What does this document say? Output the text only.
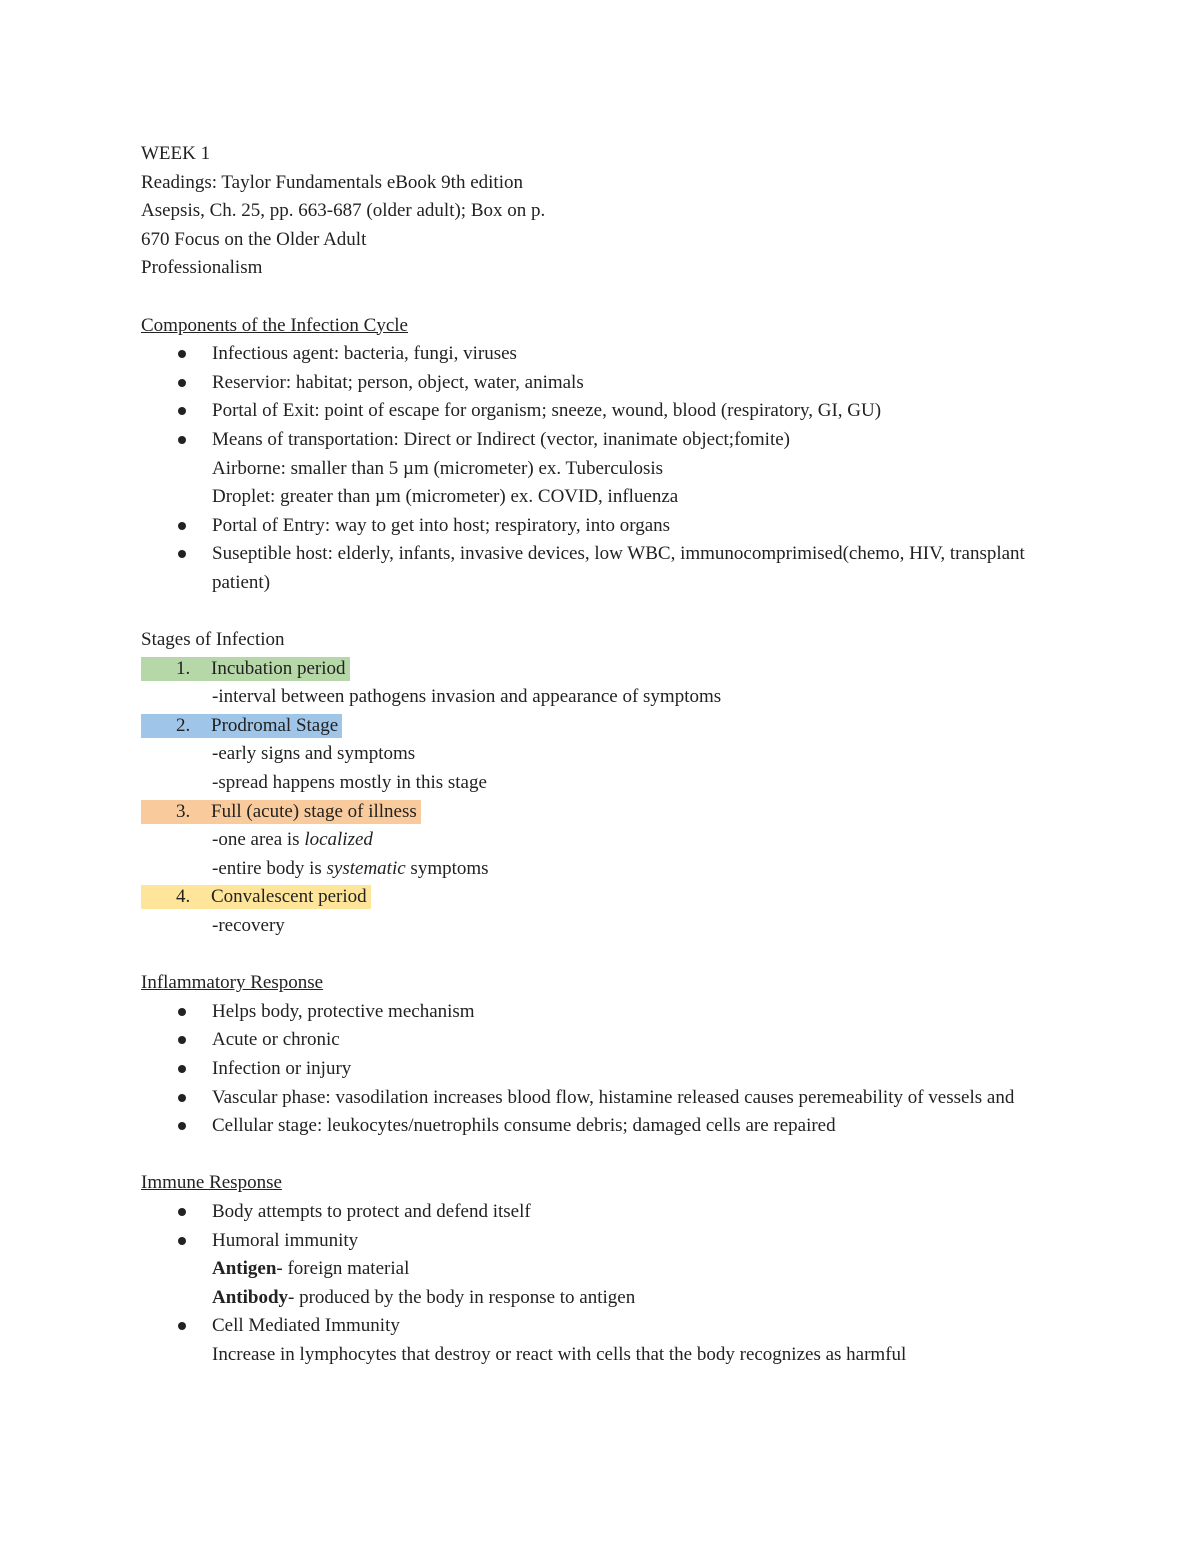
WEEK 1
Readings: Taylor Fundamentals eBook 9th edition
Asepsis, Ch. 25, pp. 663-687 (older adult); Box on p.
670 Focus on the Older Adult
Professionalism
Components of the Infection Cycle
Infectious agent: bacteria, fungi, viruses
Reservior: habitat; person, object, water, animals
Portal of Exit: point of escape for organism; sneeze, wound, blood (respiratory, GI, GU)
Means of transportation: Direct or Indirect (vector, inanimate object;fomite)
Airborne: smaller than 5 µm (micrometer) ex. Tuberculosis
Droplet: greater than µm (micrometer) ex. COVID, influenza
Portal of Entry: way to get into host; respiratory, into organs
Suseptible host: elderly, infants, invasive devices, low WBC, immunocomprimised(chemo, HIV, transplant patient)
Stages of Infection
1. Incubation period
-interval between pathogens invasion and appearance of symptoms
2. Prodromal Stage
-early signs and symptoms
-spread happens mostly in this stage
3. Full (acute) stage of illness
-one area is localized
-entire body is systematic symptoms
4. Convalescent period
-recovery
Inflammatory Response
Helps body, protective mechanism
Acute or chronic
Infection or injury
Vascular phase: vasodilation increases blood flow, histamine released causes peremeability of vessels and
Cellular stage: leukocytes/nuetrophils consume debris; damaged cells are repaired
Immune Response
Body attempts to protect and defend itself
Humoral immunity
Antigen- foreign material
Antibody- produced by the body in response to antigen
Cell Mediated Immunity
Increase in lymphocytes that destroy or react with cells that the body recognizes as harmful
